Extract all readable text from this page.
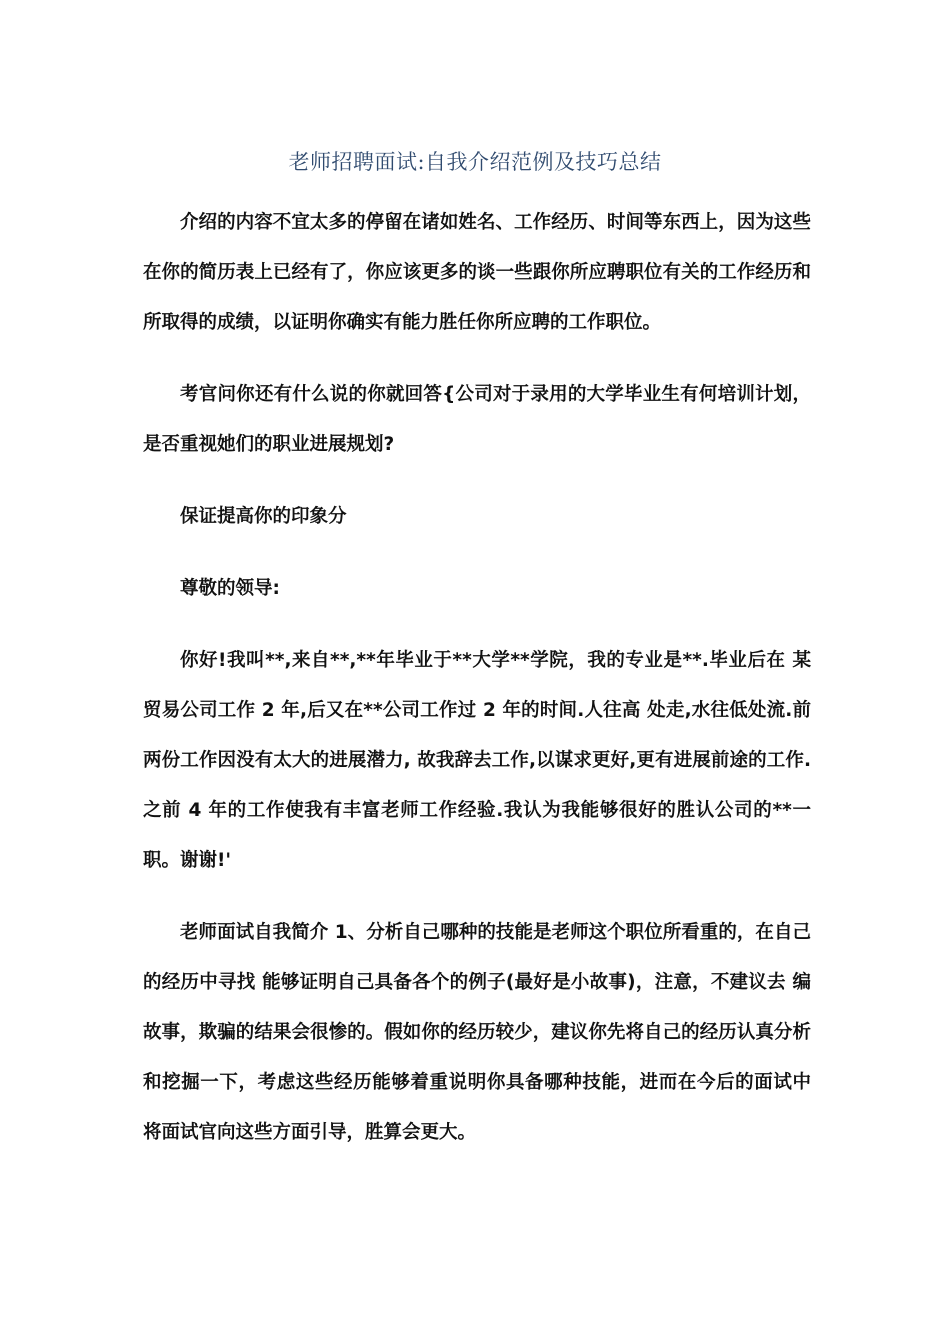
老师招聘面试:自我介绍范例及技巧总结

介绍的内容不宜太多的停留在诸如姓名、工作经历、时间等东西上，因为这些在你的简历表上已经有了，你应该更多的谈一些跟你所应聘职位有关的工作经历和所取得的成绩，以证明你确实有能力胜任你所应聘的工作职位。

考官问你还有什么说的你就回答{公司对于录用的大学毕业生有何培训计划，是否重视她们的职业进展规划?

保证提高你的印象分

尊敬的领导:

你好!我叫**,来自**,**年毕业于**大学**学院，我的专业是**.毕业后在 某贸易公司工作 2 年,后又在**公司工作过 2 年的时间.人往高 处走,水往低处流.前两份工作因没有太大的进展潜力, 故我辞去工作,以谋求更好,更有进展前途的工作.之前 4 年的工作使我有丰富老师工作经验.我认为我能够很好的胜认公司的**一职。谢谢!'

老师面试自我简介 1、分析自己哪种的技能是老师这个职位所看重的，在自己的经历中寻找 能够证明自己具备各个的例子(最好是小故事)，注意，不建议去 编故事，欺骗的结果会很惨的。假如你的经历较少，建议你先将自己的经历认真分析和挖掘一下，考虑这些经历能够着重说明你具备哪种技能，进而在今后的面试中 将面试官向这些方面引导，胜算会更大。
